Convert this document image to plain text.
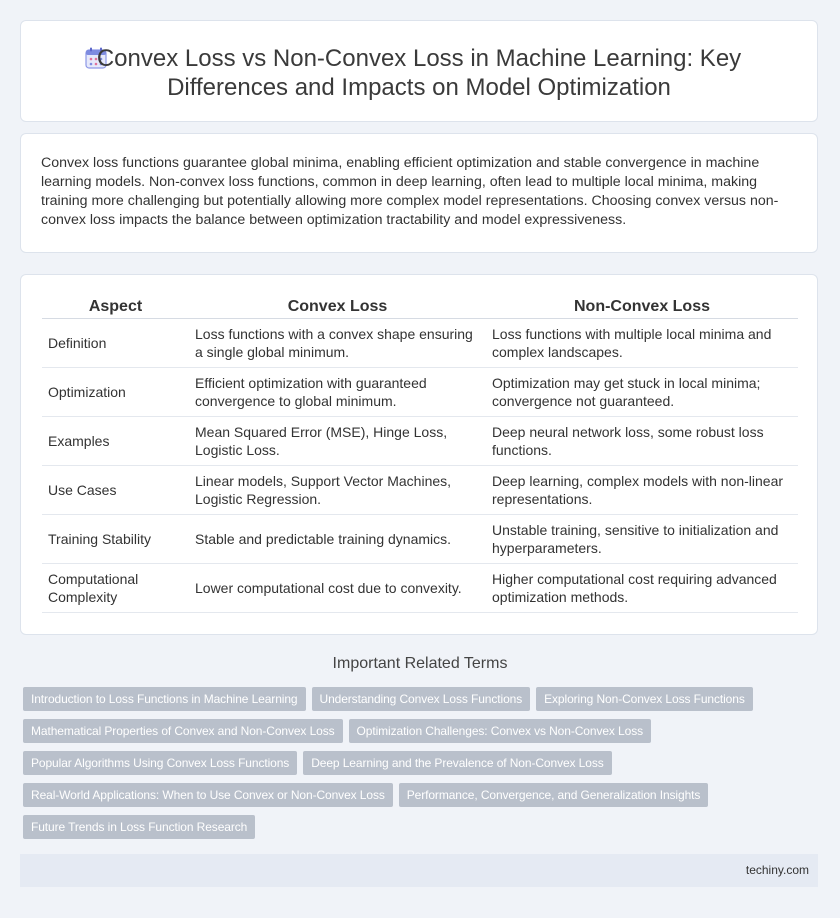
Convex Loss vs Non-Convex Loss in Machine Learning: Key Differences and Impacts on Model Optimization

Convex loss functions guarantee global minima, enabling efficient optimization and stable convergence in machine learning models. Non-convex loss functions, common in deep learning, often lead to multiple local minima, making training more challenging but potentially allowing more complex model representations. Choosing convex versus non-convex loss impacts the balance between optimization tractability and model expressiveness.

Aspect	Convex Loss	Non-Convex Loss
Definition	Loss functions with a convex shape ensuring a single global minimum.	Loss functions with multiple local minima and complex landscapes.
Optimization	Efficient optimization with guaranteed convergence to global minimum.	Optimization may get stuck in local minima; convergence not guaranteed.
Examples	Mean Squared Error (MSE), Hinge Loss, Logistic Loss.	Deep neural network loss, some robust loss functions.
Use Cases	Linear models, Support Vector Machines, Logistic Regression.	Deep learning, complex models with non-linear representations.
Training Stability	Stable and predictable training dynamics.	Unstable training, sensitive to initialization and hyperparameters.
Computational Complexity	Lower computational cost due to convexity.	Higher computational cost requiring advanced optimization methods.
Important Related Terms
Introduction to Loss Functions in Machine Learning	Understanding Convex Loss Functions	Exploring Non-Convex Loss Functions
Mathematical Properties of Convex and Non-Convex Loss	Optimization Challenges: Convex vs Non-Convex Loss
Popular Algorithms Using Convex Loss Functions	Deep Learning and the Prevalence of Non-Convex Loss
Real-World Applications: When to Use Convex or Non-Convex Loss	Performance, Convergence, and Generalization Insights
Future Trends in Loss Function Research
techiny.com
